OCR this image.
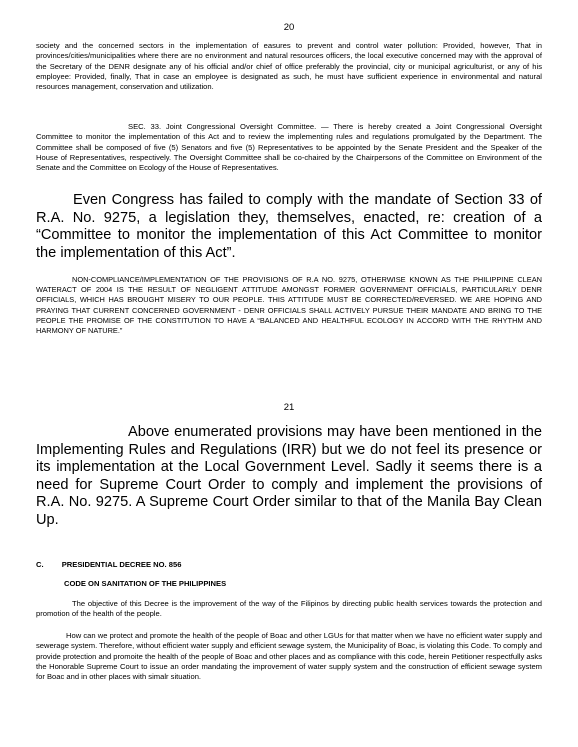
20

society and the concerned sectors in the implementation of easures to prevent and control water pollution: Provided, however, That in provinces/cities/municipalities where there are no environment and natural resources officers, the local executive concerned may with the approval of the Secretary of the DENR designate any of his official and/or chief of office preferably the provincial, city or municipal agriculturist, or any of his employee: Provided, finally, That in case an employee is designated as such, he must have sufficient experience in environmental and natural resources management, conservation and utilization.

SEC. 33. Joint Congressional Oversight Committee. — There is hereby created a Joint Congressional Oversight Committee to monitor the implementation of this Act and to review the implementing rules and regulations promulgated by the Department. The Committee shall be composed of five (5) Senators and five (5) Representatives to be appointed by the Senate President and the Speaker of the House of Representatives, respectively. The Oversight Committee shall be co-chaired by the Chairpersons of the Committee on Environment of the Senate and the Committee on Ecology of the House of Representatives.

Even Congress has failed to comply with the mandate of Section 33 of R.A. No. 9275, a legislation they, themselves, enacted, re: creation of a “Committee to monitor the implementation of this Act Committee to monitor the implementation of this Act”.

NON-COMPLIANCE/IMPLEMENTATION OF THE PROVISIONS OF R.A NO. 9275, OTHERWISE KNOWN AS THE PHILIPPINE CLEAN WATERACT OF 2004 IS THE RESULT OF NEGLIGENT ATTITUDE AMONGST FORMER GOVERNMENT OFFICIALS, PARTICULARLY DENR OFFICIALS, WHICH HAS BROUGHT MISERY TO OUR PEOPLE. THIS ATTITUDE MUST BE CORRECTED/REVERSED. WE ARE HOPING AND PRAYING THAT CURRENT CONCERNED GOVERNMENT - DENR OFFICIALS SHALL ACTIVELY PURSUE THEIR MANDATE AND BRING TO THE PEOPLE THE PROMISE OF THE CONSTITUTION TO HAVE A “BALANCED AND HEALTHFUL ECOLOGY IN ACCORD WITH THE RHYTHM AND HARMONY OF NATURE.”

21

Above enumerated provisions may have been mentioned in the Implementing Rules and Regulations (IRR) but we do not feel its presence or its implementation at the Local Government Level. Sadly it seems there is a need for Supreme Court Order to comply and implement the provisions of R.A. No. 9275. A Supreme Court Order similar to that of the Manila Bay Clean Up.

C. PRESIDENTIAL DECREE NO. 856
CODE ON SANITATION OF THE PHILIPPINES

The objective of this Decree is the improvement of the way of the Filipinos by directing public health services towards the protection and promotion of the health of the people.

How can we protect and promote the health of the people of Boac and other LGUs for that matter when we have no efficient water supply and sewerage system. Therefore, without efficient water supply and efficient sewage system, the Municipality of Boac, is violating this Code. To comply and provide protection and promoite the health of the people of Boac and other places and as compliance with this code, herein Petitioner respectfully asks the Honorable Supreme Court to issue an order mandating the improvement of water supply system and the construction of efficient sewage system for Boac and in other places with simalr situation.
